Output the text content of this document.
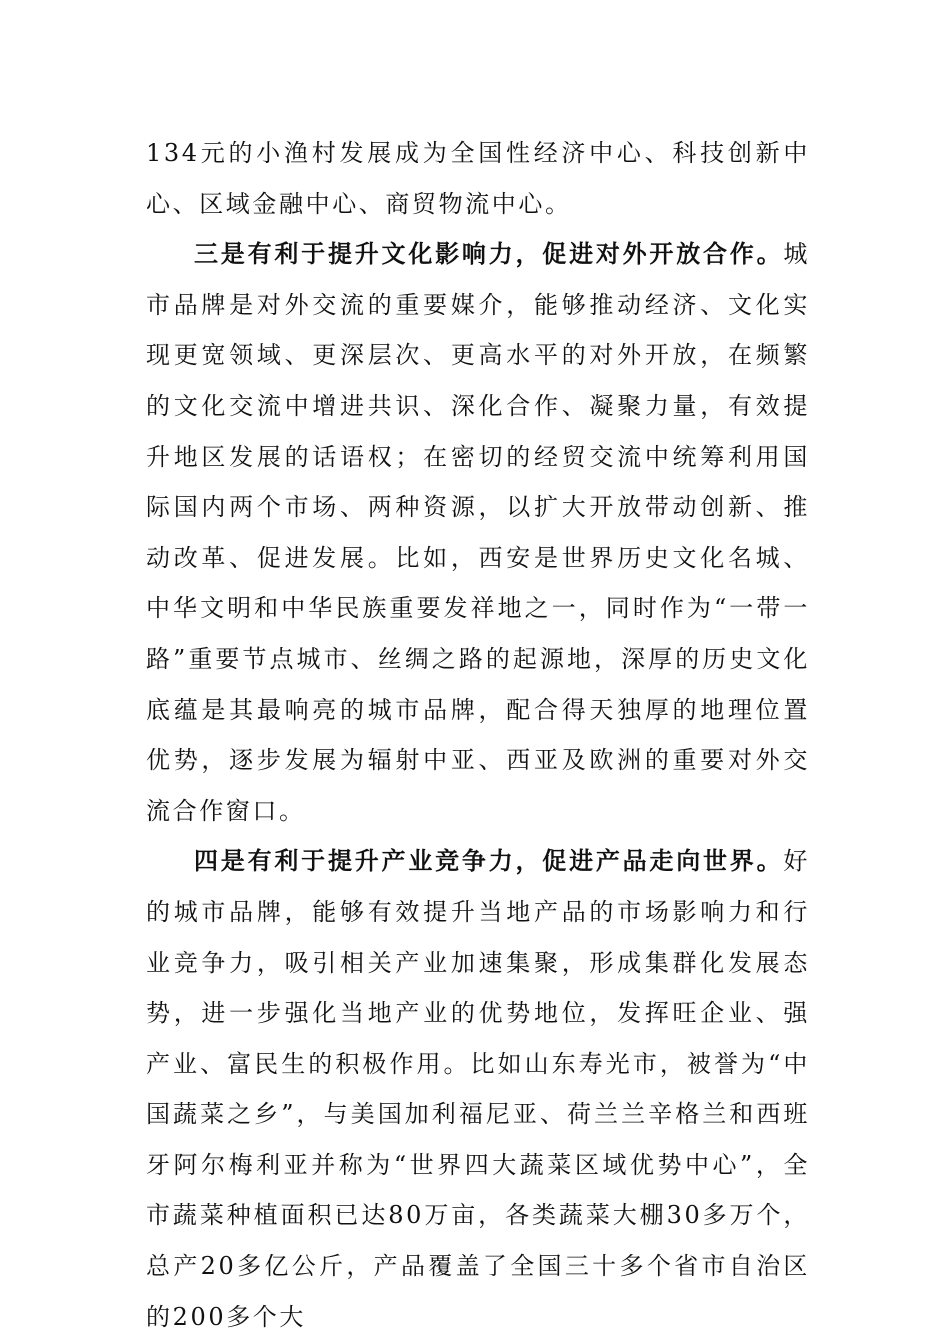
134元的小渔村发展成为全国性经济中心、科技创新中心、区域金融中心、商贸物流中心。

三是有利于提升文化影响力，促进对外开放合作。城市品牌是对外交流的重要媒介，能够推动经济、文化实现更宽领域、更深层次、更高水平的对外开放，在频繁的文化交流中增进共识、深化合作、凝聚力量，有效提升地区发展的话语权；在密切的经贸交流中统筹利用国际国内两个市场、两种资源，以扩大开放带动创新、推动改革、促进发展。比如，西安是世界历史文化名城、中华文明和中华民族重要发祥地之一，同时作为“一带一路”重要节点城市、丝绸之路的起源地，深厚的历史文化底蕴是其最响亮的城市品牌，配合得天独厚的地理位置优势，逐步发展为辐射中亚、西亚及欧洲的重要对外交流合作窗口。

四是有利于提升产业竞争力，促进产品走向世界。好的城市品牌，能够有效提升当地产品的市场影响力和行业竞争力，吸引相关产业加速集聚，形成集群化发展态势，进一步强化当地产业的优势地位，发挥旺企业、强产业、富民生的积极作用。比如山东寿光市，被誉为“中国蔬菜之乡”，与美国加利福尼亚、荷兰兰辛格兰和西班牙阿尔梅利亚并称为“世界四大蔬菜区域优势中心”，全市蔬菜种植面积已达80万亩，各类蔬菜大棚30多万个，总产20多亿公斤，产品覆盖了全国三十多个省市自治区的200多个大
